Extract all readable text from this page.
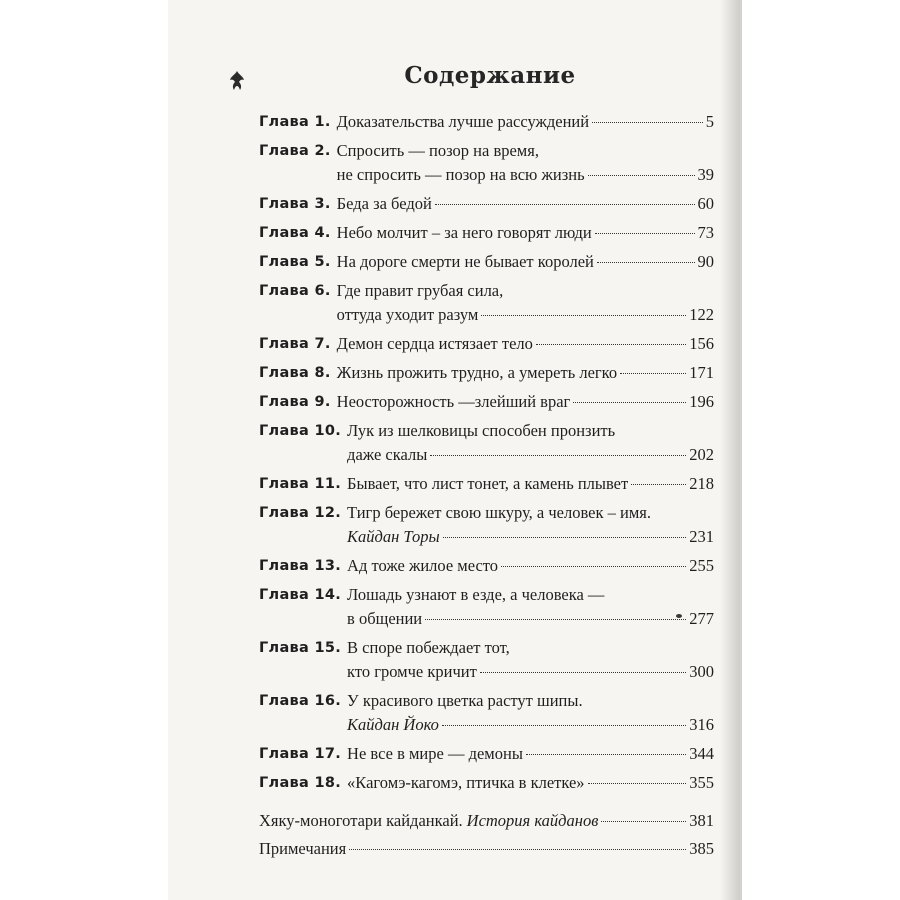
Содержание
Глава 1. Доказательства лучше рассуждений	5
Глава 2. Спросить — позор на время,
не спросить — позор на всю жизнь	39
Глава 3. Беда за бедой	60
Глава 4. Небо молчит – за него говорят люди	73
Глава 5. На дороге смерти не бывает королей	90
Глава 6. Где правит грубая сила,
оттуда уходит разум	122
Глава 7. Демон сердца истязает тело	156
Глава 8. Жизнь прожить трудно, а умереть легко	171
Глава 9. Неосторожность —злейший враг	196
Глава 10. Лук из шелковицы способен пронзить
даже скалы	202
Глава 11. Бывает, что лист тонет, а камень плывет	218
Глава 12. Тигр бережет свою шкуру, а человек – имя.
Кайдан Торы	231
Глава 13. Ад тоже жилое место	255
Глава 14. Лошадь узнают в езде, а человека —
в общении	277
Глава 15. В споре побеждает тот,
кто громче кричит	300
Глава 16. У красивого цветка растут шипы.
Кайдан Йоко	316
Глава 17. Не все в мире — демоны	344
Глава 18. «Кагомэ-кагомэ, птичка в клетке»	355
Хяку-моноготари кайданкай. История кайданов	381
Примечания	385
